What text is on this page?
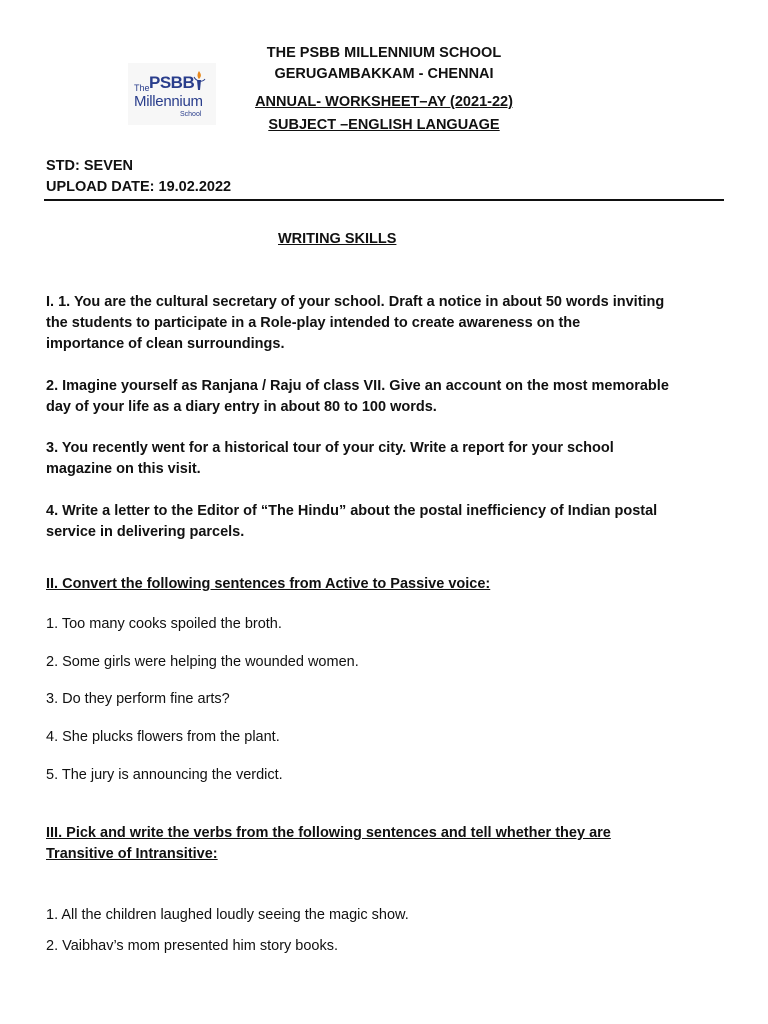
The PSBB
Millennium
School
THE PSBB MILLENNIUM SCHOOL
GERUGAMBAKKAM - CHENNAI
ANNUAL- WORKSHEET–AY (2021-22)
SUBJECT –ENGLISH LANGUAGE
STD: SEVEN
UPLOAD DATE: 19.02.2022
WRITING SKILLS
I. 1. You are the cultural secretary of your school. Draft a notice in about 50 words inviting
the students to participate in a Role-play intended to create awareness on the
importance of clean surroundings.
2. Imagine yourself as Ranjana / Raju of class VII. Give an account on the most memorable
day of your life as a diary entry in about 80 to 100 words.
3. You recently went for a historical tour of your city. Write a report for your school
magazine on this visit.
4. Write a letter to the Editor of “The Hindu” about the postal inefficiency of Indian postal
service in delivering parcels.
II. Convert the following sentences from Active to Passive voice:
1. Too many cooks spoiled the broth.
2. Some girls were helping the wounded women.
3. Do they perform fine arts?
4. She plucks flowers from the plant.
5. The jury is announcing the verdict.
III. Pick and write the verbs from the following sentences and tell whether they are
Transitive of Intransitive:
1. All the children laughed loudly seeing the magic show.
2. Vaibhav’s mom presented him story books.
